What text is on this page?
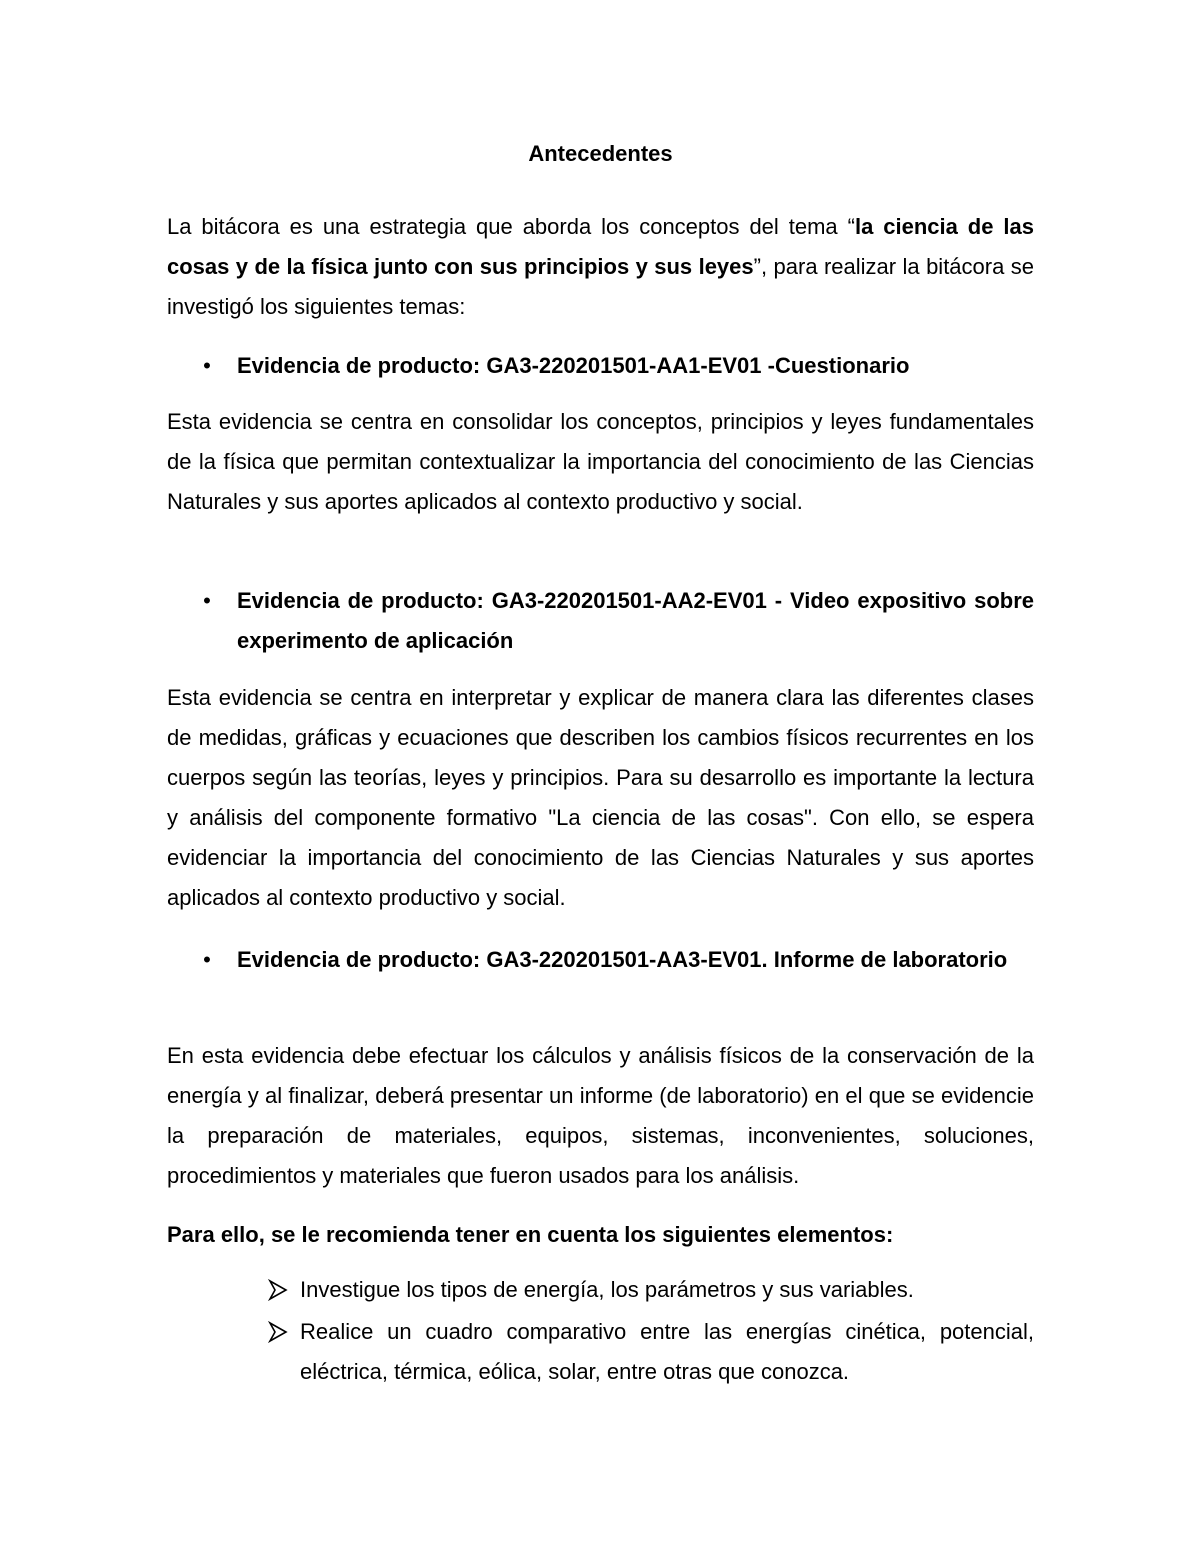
Antecedentes

La bitácora es una estrategia que aborda los conceptos del tema “la ciencia de las cosas y de la física junto con sus principios y sus leyes”, para realizar la bitácora se investigó los siguientes temas:

• Evidencia de producto: GA3-220201501-AA1-EV01 -Cuestionario

Esta evidencia se centra en consolidar los conceptos, principios y leyes fundamentales de la física que permitan contextualizar la importancia del conocimiento de las Ciencias Naturales y sus aportes aplicados al contexto productivo y social.

• Evidencia de producto: GA3-220201501-AA2-EV01 - Video expositivo sobre experimento de aplicación

Esta evidencia se centra en interpretar y explicar de manera clara las diferentes clases de medidas, gráficas y ecuaciones que describen los cambios físicos recurrentes en los cuerpos según las teorías, leyes y principios. Para su desarrollo es importante la lectura y análisis del componente formativo "La ciencia de las cosas". Con ello, se espera evidenciar la importancia del conocimiento de las Ciencias Naturales y sus aportes aplicados al contexto productivo y social.

• Evidencia de producto: GA3-220201501-AA3-EV01. Informe de laboratorio

En esta evidencia debe efectuar los cálculos y análisis físicos de la conservación de la energía y al finalizar, deberá presentar un informe (de laboratorio) en el que se evidencie la preparación de materiales, equipos, sistemas, inconvenientes, soluciones, procedimientos y materiales que fueron usados para los análisis.

Para ello, se le recomienda tener en cuenta los siguientes elementos:

Investigue los tipos de energía, los parámetros y sus variables.

Realice un cuadro comparativo entre las energías cinética, potencial, eléctrica, térmica, eólica, solar, entre otras que conozca.
